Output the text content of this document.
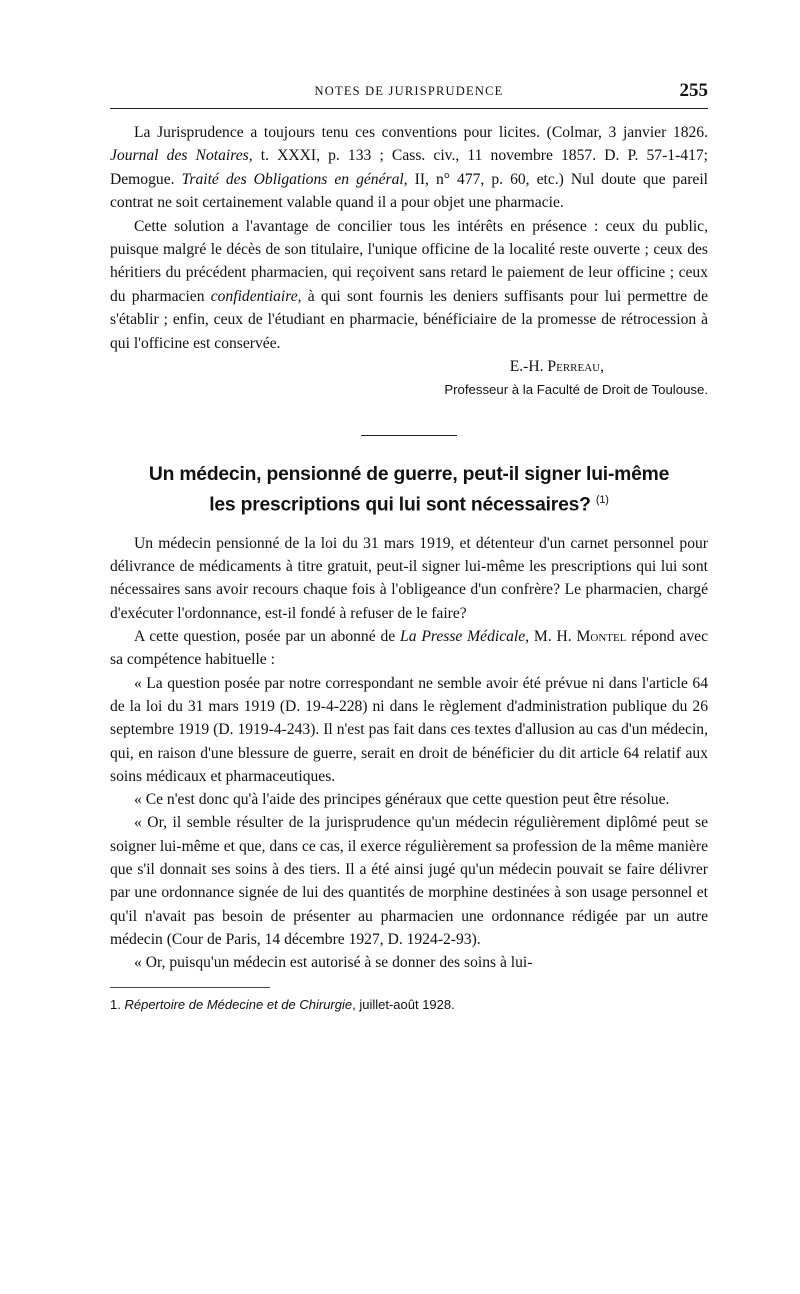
NOTES DE JURISPRUDENCE	255

La Jurisprudence a toujours tenu ces conventions pour licites. (Colmar, 3 janvier 1826. Journal des Notaires, t. XXXI, p. 133 ; Cass. civ., 11 novembre 1857. D. P. 57-1-417; Demogue. Traité des Obligations en général, II, n° 477, p. 60, etc.) Nul doute que pareil contrat ne soit certainement valable quand il a pour objet une pharmacie.

Cette solution a l'avantage de concilier tous les intérêts en présence : ceux du public, puisque malgré le décès de son titulaire, l'unique officine de la localité reste ouverte ; ceux des héritiers du précédent pharmacien, qui reçoivent sans retard le paiement de leur officine ; ceux du pharmacien confidentiaire, à qui sont fournis les deniers suffisants pour lui permettre de s'établir ; enfin, ceux de l'étudiant en pharmacie, bénéficiaire de la promesse de rétrocession à qui l'officine est conservée.

E.-H. Perreau,
Professeur à la Faculté de Droit de Toulouse.
Un médecin, pensionné de guerre, peut-il signer lui-même
les prescriptions qui lui sont nécessaires? $^{(1)}$

Un médecin pensionné de la loi du 31 mars 1919, et détenteur d'un carnet personnel pour délivrance de médicaments à titre gratuit, peut-il signer lui-même les prescriptions qui lui sont nécessaires sans avoir recours chaque fois à l'obligeance d'un confrère? Le pharmacien, chargé d'exécuter l'ordonnance, est-il fondé à refuser de le faire?

A cette question, posée par un abonné de La Presse Médicale, M. H. Montel répond avec sa compétence habituelle :

« La question posée par notre correspondant ne semble avoir été prévue ni dans l'article 64 de la loi du 31 mars 1919 (D. 19-4-228) ni dans le règlement d'administration publique du 26 septembre 1919 (D. 1919-4-243). Il n'est pas fait dans ces textes d'allusion au cas d'un médecin, qui, en raison d'une blessure de guerre, serait en droit de bénéficier du dit article 64 relatif aux soins médicaux et pharmaceutiques.

« Ce n'est donc qu'à l'aide des principes généraux que cette question peut être résolue.

« Or, il semble résulter de la jurisprudence qu'un médecin régulièrement diplômé peut se soigner lui-même et que, dans ce cas, il exerce régulièrement sa profession de la même manière que s'il donnait ses soins à des tiers. Il a été ainsi jugé qu'un médecin pouvait se faire délivrer par une ordonnance signée de lui des quantités de morphine destinées à son usage personnel et qu'il n'avait pas besoin de présenter au pharmacien une ordonnance rédigée par un autre médecin (Cour de Paris, 14 décembre 1927, D. 1924-2-93).

« Or, puisqu'un médecin est autorisé à se donner des soins à lui-

1. Répertoire de Médecine et de Chirurgie, juillet-août 1928.
